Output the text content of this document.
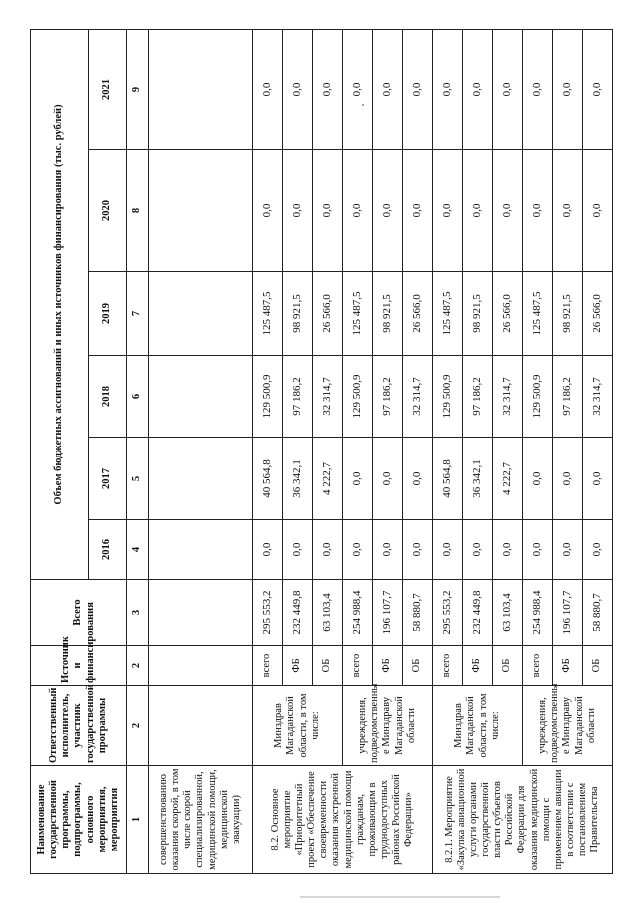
Наименование государственной программы, подпрограммы, основного мероприятия, мероприятия	Ответственный исполнитель, участник государственной программы	Источник и финансирования	Всего	Объем бюджетных ассигнований и иных источников финансирования (тыс. рублей)					
				2016	2017	2018	2019	2020	2021
1	2	2	3	4	5	6	7	8	9
совершенствованию оказания скорой, в том числе скорой специализированной, медицинской помощи, медицинской эвакуации)									
8.2. Основное мероприятие «Приоритетный проект «Обеспечение своевременности оказания экстренной медицинской помощи гражданам, проживающим в труднодоступных районах Российской Федерации»	Минздрав Магаданской области, в том числе:	всего	295 553,2	0,0	40 564,8	129 500,9	125 487,5	0,0	0,0
		ФБ	232 449,8	0,0	36 342,1	97 186,2	98 921,5	0,0	0,0
		ОБ	63 103,4	0,0	4 222,7	32 314,7	26 566,0	0,0	0,0
	учреждения, подведомственны е Минздраву Магаданской области	всего	254 988,4	0,0	0,0	129 500,9	125 487,5	0,0	0,0
		ФБ	196 107,7	0,0	0,0	97 186,2	98 921,5	0,0	0,0
		ОБ	58 880,7	0,0	0,0	32 314,7	26 566,0	0,0	0,0
8.2.1. Мероприятие «Закупка авиационной услуги органами государственной власти субъектов Российской Федерации для оказания медицинской помощи с применением авиации в соответствии с постановлением Правительства	Минздрав Магаданской области, в том числе:	всего	295 553,2	0,0	40 564,8	129 500,9	125 487,5	0,0	0,0
		ФБ	232 449,8	0,0	36 342,1	97 186,2	98 921,5	0,0	0,0
		ОБ	63 103,4	0,0	4 222,7	32 314,7	26 566,0	0,0	0,0
	учреждения, подведомственны е Минздраву Магаданской области	всего	254 988,4	0,0	0,0	129 500,9	125 487,5	0,0	0,0
		ФБ	196 107,7	0,0	0,0	97 186,2	98 921,5	0,0	0,0
		ОБ	58 880,7	0,0	0,0	32 314,7	26 566,0	0,0	0,0
